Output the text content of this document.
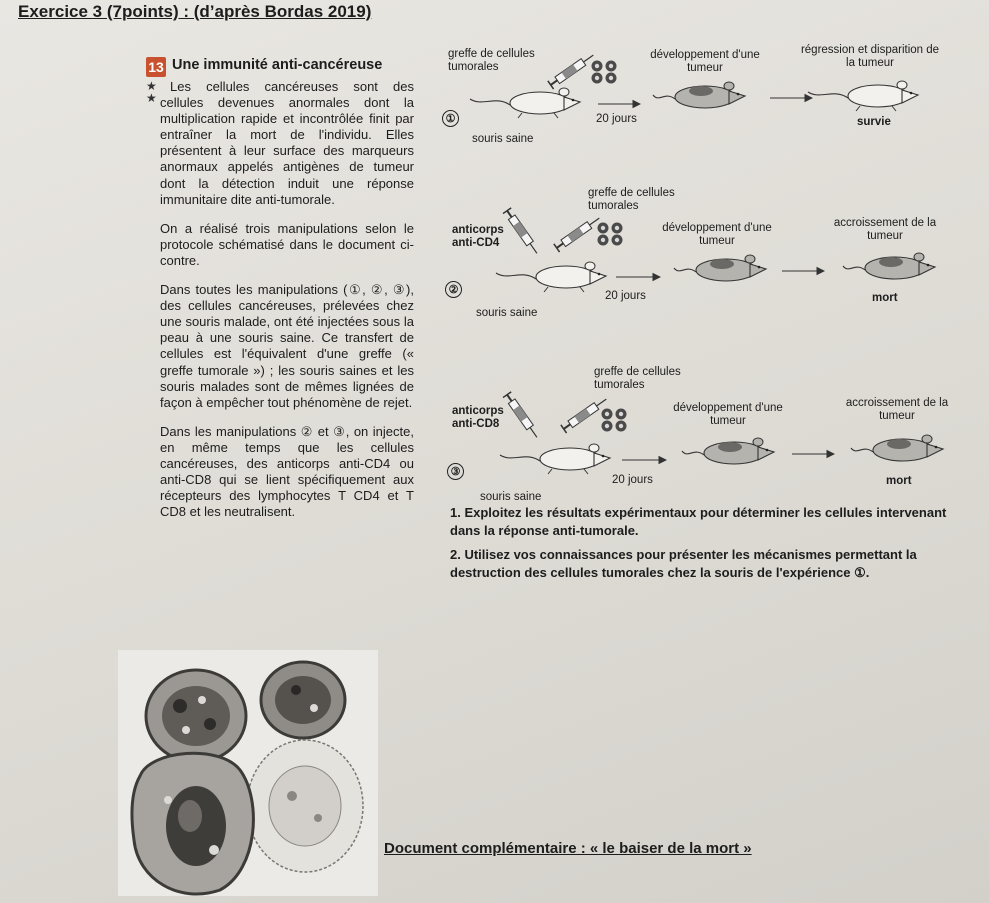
Exercice 3 (7points) : (d’après Bordas 2019)
13 Une immunité anti-cancéreuse
★
★

Les cellules cancéreuses sont des cellules devenues anormales dont la multiplication rapide et incontrôlée finit par entraîner la mort de l'individu. Elles présentent à leur surface des marqueurs anormaux appelés antigènes de tumeur dont la détection induit une réponse immunitaire dite anti-tumorale.

On a réalisé trois manipulations selon le protocole schématisé dans le document ci-contre.

Dans toutes les manipulations (①, ②, ③), des cellules cancéreuses, prélevées chez une souris malade, ont été injectées sous la peau à une souris saine. Ce transfert de cellules est l'équivalent d'une greffe (« greffe tumorale ») ; les souris saines et les souris malades sont de mêmes lignées de façon à empêcher tout phénomène de rejet.

Dans les manipulations ② et ③, on injecte, en même temps que les cellules cancéreuses, des anticorps anti-CD4 ou anti-CD8 qui se lient spécifiquement aux récepteurs des lymphocytes T CD4 et T CD8 et les neutralisent.

greffe de cellules tumorales
①
souris saine
20 jours
développement d'une tumeur
régression et disparition de la tumeur
survie
anticorps anti-CD4
greffe de cellules tumorales
②
souris saine
20 jours
développement d'une tumeur
accroissement de la tumeur
mort
anticorps anti-CD8
greffe de cellules tumorales
③
souris saine
20 jours
développement d'une tumeur
accroissement de la tumeur
mort
1. Exploitez les résultats expérimentaux pour déterminer les cellules intervenant dans la réponse anti-tumorale.
2. Utilisez vos connaissances pour présenter les mécanismes permettant la destruction des cellules tumorales chez la souris de l'expérience ①.
Document complémentaire : « le baiser de la mort »
